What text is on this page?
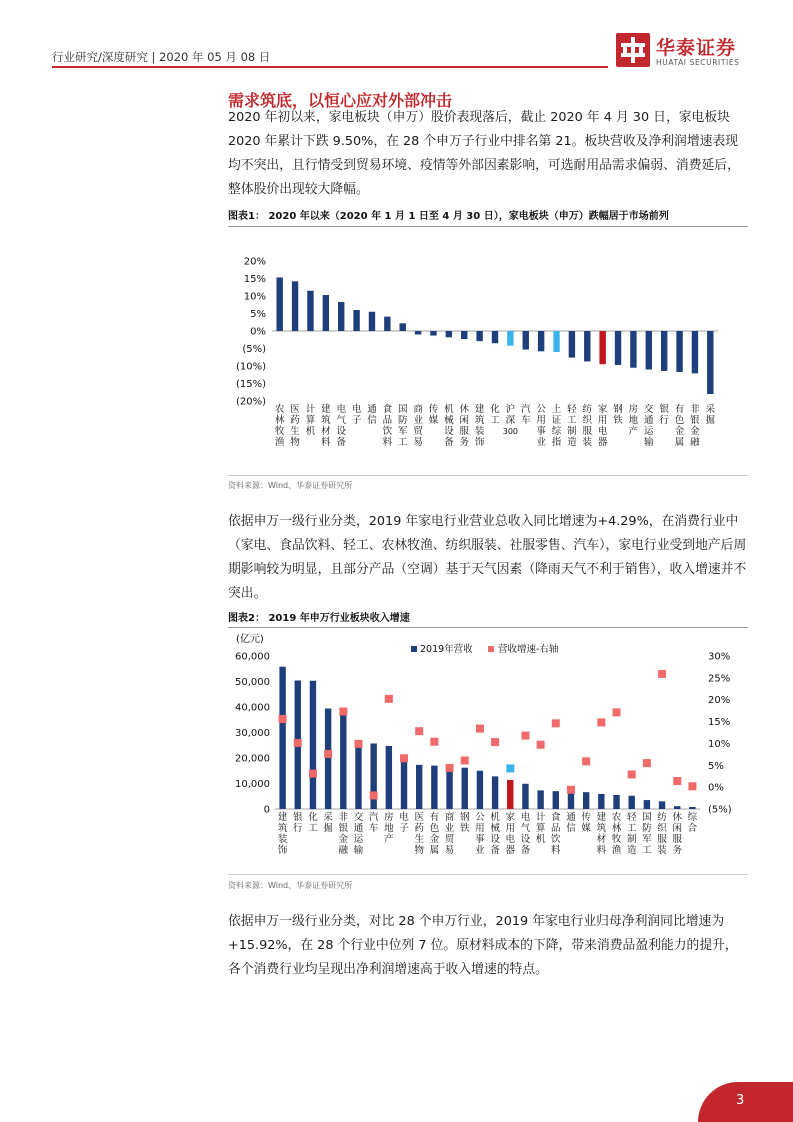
行业研究/深度研究 | 2020 年 05 月 08 日	华泰证券
HUATAI SECURITIES
需求筑底，以恒心应对外部冲击
2020 年初以来，家电板块（申万）股价表现落后，截止 2020 年 4 月 30 日，家电板块 2020 年累计下跌 9.50%，在 28 个申万子行业中排名第 21。板块营收及净利润增速表现均不突出，且行情受到贸易环境、疫情等外部因素影响，可选耐用品需求偏弱、消费延后，整体股价出现较大降幅。
图表1： 2020 年以来（2020 年 1 月 1 日至 4 月 30 日），家电板块（申万）跌幅居于市场前列
20%
15%
10%
5%
0%
(5%)
(10%)
(15%)
(20%)
农林牧渔
医药生物
计算机
建筑材料
电气设备
电子
通信
食品饮料
国防军工
商业贸易
传媒
机械设备
休闲服务
建筑装饰
化工
沪深 300
汽车
公用事业
上证综指
轻工制造
纺织服装
家用电器
钢铁
房地产
交通运输
银行
有色金属
非银金融
采掘
资料来源：Wind、华泰证券研究所
依据申万一级行业分类，2019 年家电行业营业总收入同比增速为+4.29%，在消费行业中（家电、食品饮料、轻工、农林牧渔、纺织服装、社服零售、汽车），家电行业受到地产后周期影响较为明显，且部分产品（空调）基于天气因素（降雨天气不利于销售），收入增速并不突出。
图表2： 2019 年申万行业板块收入增速
(亿元)
0
10,000
20,000
30,000
40,000
50,000
60,000	30%
25%
20%
15%
10%
5%
0%
(5%)
2019年营收	营收增速-右轴
建筑装饰
银行
化工
采掘
非银金融
交通运输
汽车
房地产
电子
医药生物
有色金属
商业贸易
钢铁
公用事业
机械设备
家用电器
电气设备
计算机
食品饮料
通信
传媒
建筑材料
农林牧渔
轻工制造
国防军工
纺织服装
休闲服务
综合
资料来源：Wind、华泰证券研究所
依据申万一级行业分类，对比 28 个申万行业，2019 年家电行业归母净利润同比增速为+15.92%，在 28 个行业中位列 7 位。原材料成本的下降，带来消费品盈利能力的提升，各个消费行业均呈现出净利润增速高于收入增速的特点。
3
